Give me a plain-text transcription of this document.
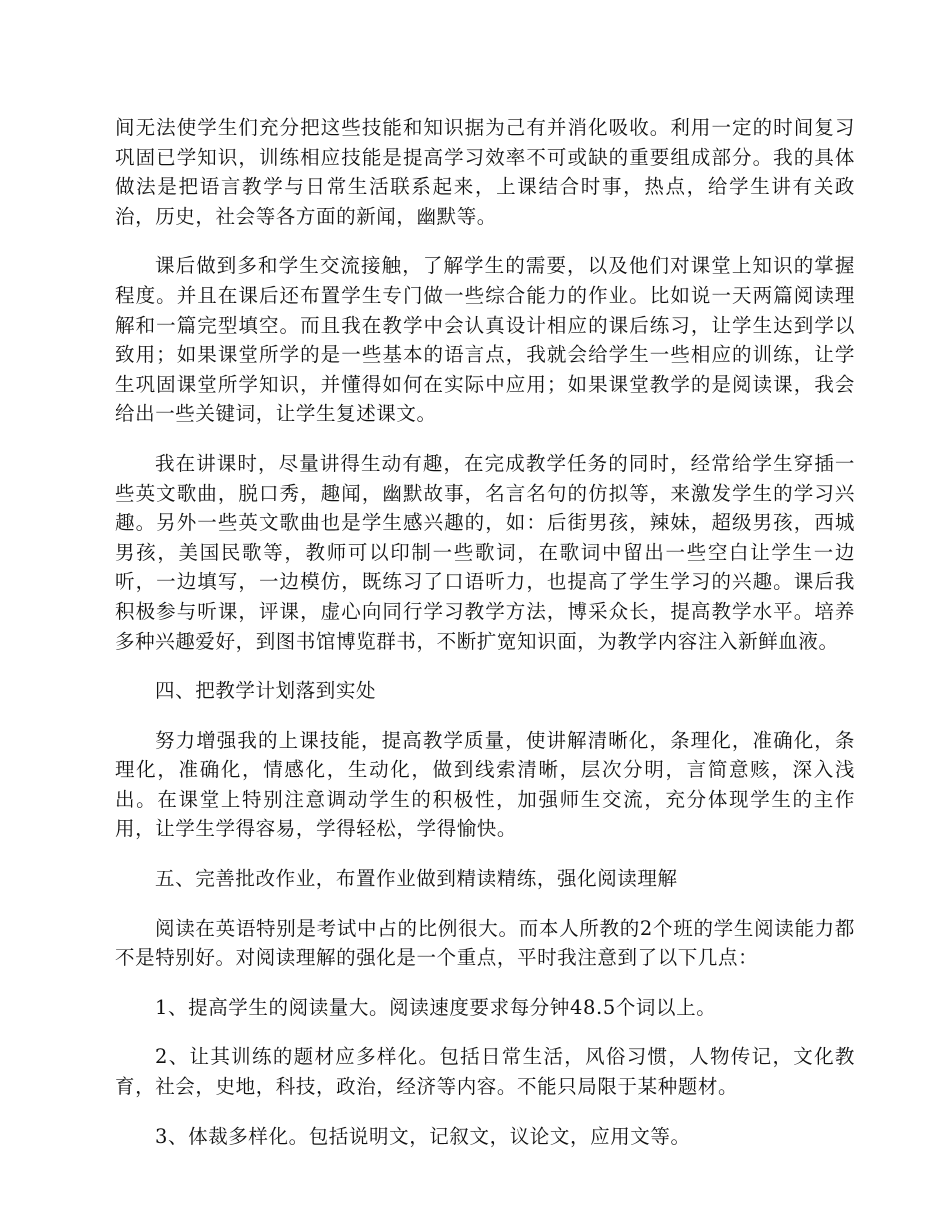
间无法使学生们充分把这些技能和知识据为己有并消化吸收。利用一定的时间复习巩固已学知识，训练相应技能是提高学习效率不可或缺的重要组成部分。我的具体做法是把语言教学与日常生活联系起来，上课结合时事，热点，给学生讲有关政治，历史，社会等各方面的新闻，幽默等。

课后做到多和学生交流接触，了解学生的需要，以及他们对课堂上知识的掌握程度。并且在课后还布置学生专门做一些综合能力的作业。比如说一天两篇阅读理解和一篇完型填空。而且我在教学中会认真设计相应的课后练习，让学生达到学以致用；如果课堂所学的是一些基本的语言点，我就会给学生一些相应的训练，让学生巩固课堂所学知识，并懂得如何在实际中应用；如果课堂教学的是阅读课，我会给出一些关键词，让学生复述课文。

我在讲课时，尽量讲得生动有趣，在完成教学任务的同时，经常给学生穿插一些英文歌曲，脱口秀，趣闻，幽默故事，名言名句的仿拟等，来激发学生的学习兴趣。另外一些英文歌曲也是学生感兴趣的，如：后街男孩，辣妹，超级男孩，西城男孩，美国民歌等，教师可以印制一些歌词，在歌词中留出一些空白让学生一边听，一边填写，一边模仿，既练习了口语听力，也提高了学生学习的兴趣。课后我积极参与听课，评课，虚心向同行学习教学方法，博采众长，提高教学水平。培养多种兴趣爱好，到图书馆博览群书，不断扩宽知识面，为教学内容注入新鲜血液。

四、把教学计划落到实处

努力增强我的上课技能，提高教学质量，使讲解清晰化，条理化，准确化，条理化，准确化，情感化，生动化，做到线索清晰，层次分明，言简意赅，深入浅出。在课堂上特别注意调动学生的积极性，加强师生交流，充分体现学生的主作用，让学生学得容易，学得轻松，学得愉快。

五、完善批改作业，布置作业做到精读精练，强化阅读理解

阅读在英语特别是考试中占的比例很大。而本人所教的2个班的学生阅读能力都不是特别好。对阅读理解的强化是一个重点，平时我注意到了以下几点：

1、提高学生的阅读量大。阅读速度要求每分钟48.5个词以上。

2、让其训练的题材应多样化。包括日常生活，风俗习惯，人物传记，文化教育，社会，史地，科技，政治，经济等内容。不能只局限于某种题材。

3、体裁多样化。包括说明文，记叙文，议论文，应用文等。
